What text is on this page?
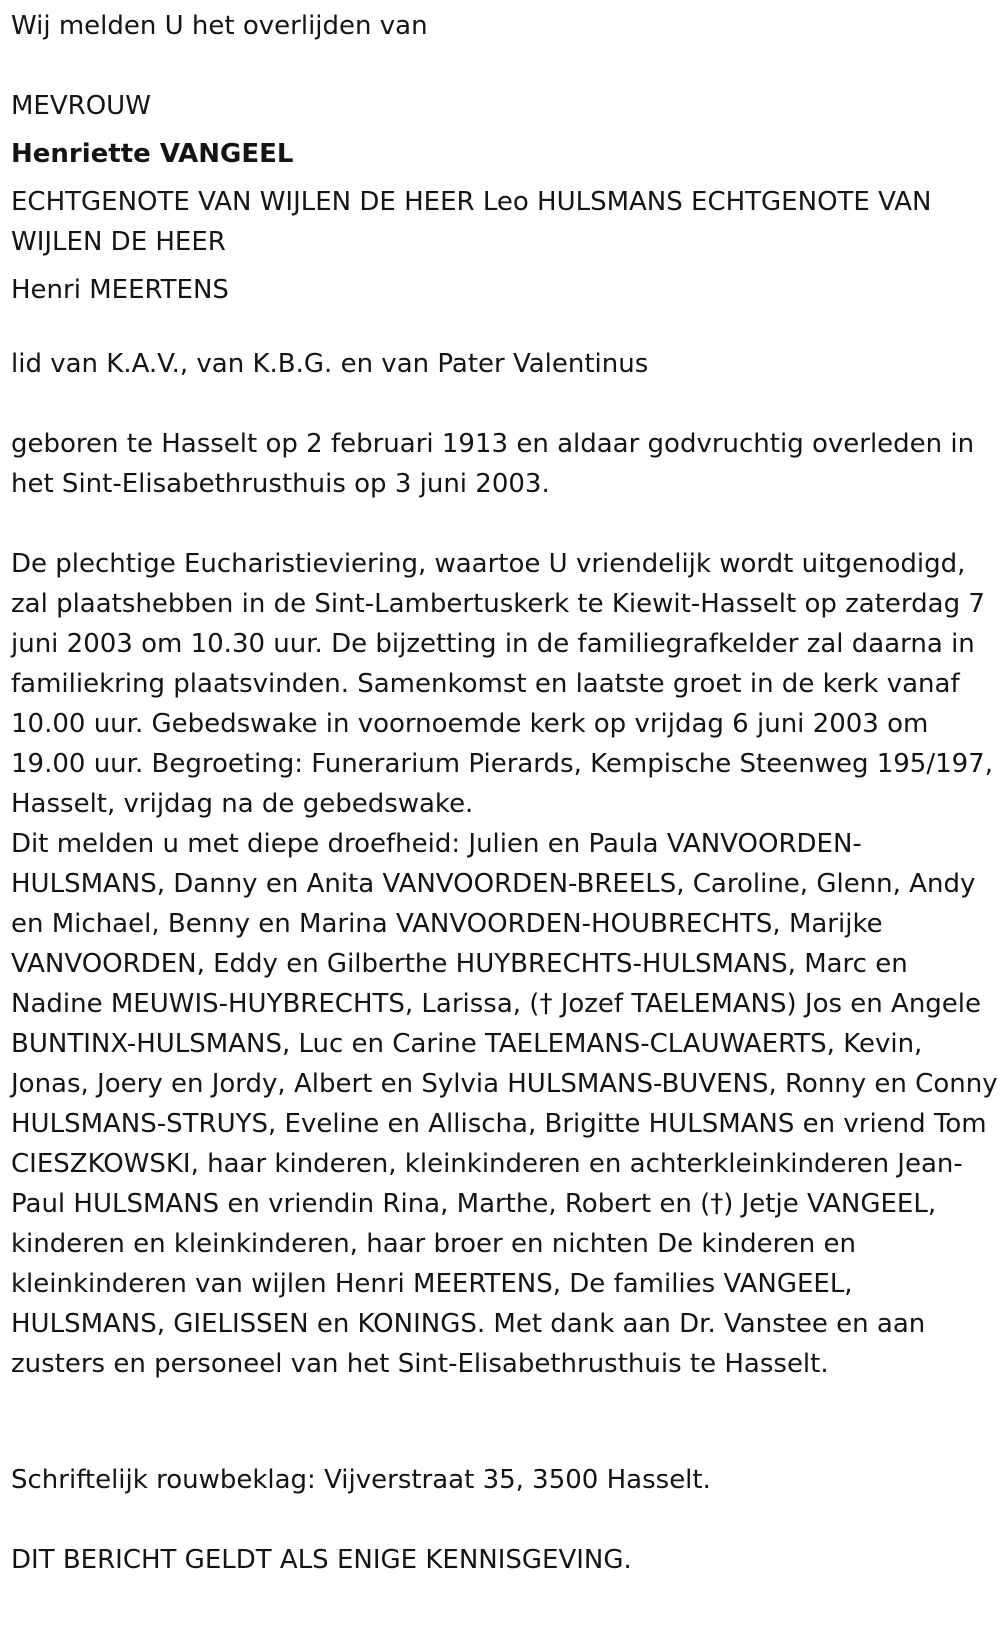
Wij melden U het overlijden van

MEVROUW

Henriette VANGEEL

ECHTGENOTE VAN WIJLEN DE HEER Leo HULSMANS ECHTGENOTE VAN WIJLEN DE HEER

Henri MEERTENS

lid van K.A.V., van K.B.G. en van Pater Valentinus

geboren te Hasselt op 2 februari 1913 en aldaar godvruchtig overleden in het Sint-Elisabethrusthuis op 3 juni 2003.

De plechtige Eucharistieviering, waartoe U vriendelijk wordt uitgenodigd, zal plaatshebben in de Sint-Lambertuskerk te Kiewit-Hasselt op zaterdag 7 juni 2003 om 10.30 uur. De bijzetting in de familiegrafkelder zal daarna in familiekring plaatsvinden. Samenkomst en laatste groet in de kerk vanaf 10.00 uur. Gebedswake in voornoemde kerk op vrijdag 6 juni 2003 om 19.00 uur. Begroeting: Funerarium Pierards, Kempische Steenweg 195/197, Hasselt, vrijdag na de gebedswake.

Dit melden u met diepe droefheid: Julien en Paula VANVOORDEN-HULSMANS, Danny en Anita VANVOORDEN-BREELS, Caroline, Glenn, Andy en Michael, Benny en Marina VANVOORDEN-HOUBRECHTS, Marijke VANVOORDEN, Eddy en Gilberthe HUYBRECHTS-HULSMANS, Marc en Nadine MEUWIS-HUYBRECHTS, Larissa, († Jozef TAELEMANS) Jos en Angele BUNTINX-HULSMANS, Luc en Carine TAELEMANS-CLAUWAERTS, Kevin, Jonas, Joery en Jordy, Albert en Sylvia HULSMANS-BUVENS, Ronny en Conny HULSMANS-STRUYS, Eveline en Allischa, Brigitte HULSMANS en vriend Tom CIESZKOWSKI, haar kinderen, kleinkinderen en achterkleinkinderen Jean-Paul HULSMANS en vriendin Rina, Marthe, Robert en (†) Jetje VANGEEL, kinderen en kleinkinderen, haar broer en nichten De kinderen en kleinkinderen van wijlen Henri MEERTENS, De families VANGEEL, HULSMANS, GIELISSEN en KONINGS. Met dank aan Dr. Vanstee en aan zusters en personeel van het Sint-Elisabethrusthuis te Hasselt.

Schriftelijk rouwbeklag: Vijverstraat 35, 3500 Hasselt.

DIT BERICHT GELDT ALS ENIGE KENNISGEVING.
